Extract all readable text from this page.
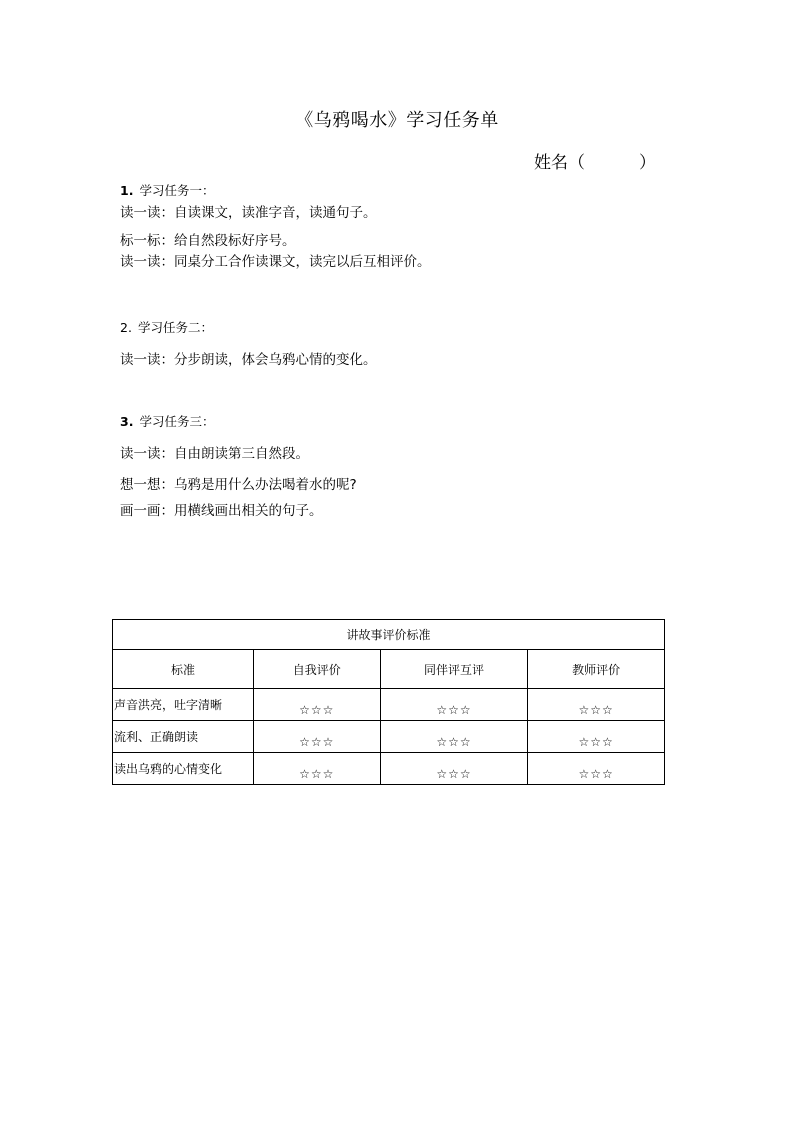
《乌鸦喝水》学习任务单
姓名（	）
1. 学习任务一：
读一读：自读课文，读准字音，读通句子。
标一标：给自然段标好序号。
读一读：同桌分工合作读课文，读完以后互相评价。
2. 学习任务二：
读一读：分步朗读，体会乌鸦心情的变化。
3. 学习任务三：
读一读：自由朗读第三自然段。
想一想：乌鸦是用什么办法喝着水的呢?
画一画：用横线画出相关的句子。
讲故事评价标准			
标准	自我评价	同伴评互评	教师评价
声音洪亮，吐字清晰	☆☆☆	☆☆☆	☆☆☆
流利、正确朗读	☆☆☆	☆☆☆	☆☆☆
读出乌鸦的心情变化	☆☆☆	☆☆☆	☆☆☆
